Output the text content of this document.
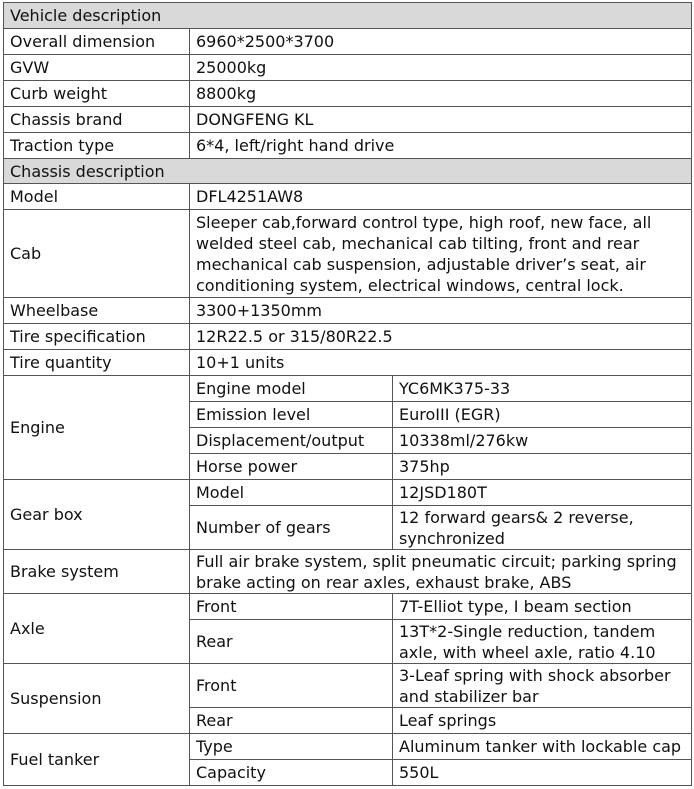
Vehicle description		
Overall dimension	6960*2500*3700	
GVW	25000kg	
Curb weight	8800kg	
Chassis brand	DONGFENG KL	
Traction type	6*4, left/right hand drive	
Chassis description		
Model	DFL4251AW8	
Cab	Sleeper cab,forward control type, high roof, new face, all welded steel cab, mechanical cab tilting, front and rear mechanical cab suspension, adjustable driver’s seat, air conditioning system, electrical windows, central lock.	
Wheelbase	3300+1350mm	
Tire specification	12R22.5 or 315/80R22.5	
Tire quantity	10+1 units	
Engine	Engine model	YC6MK375-33
	Emission level	EuroIII (EGR)
	Displacement/output	10338ml/276kw
	Horse power	375hp
Gear box	Model	12JSD180T
	Number of gears	12 forward gears& 2 reverse, synchronized
Brake system	Full air brake system, split pneumatic circuit; parking spring brake acting on rear axles, exhaust brake, ABS	
Axle	Front	7T-Elliot type, I beam section
	Rear	13T*2-Single reduction, tandem axle, with wheel axle, ratio 4.10
Suspension	Front	3-Leaf spring with shock absorber and stabilizer bar
	Rear	Leaf springs
Fuel tanker	Type	Aluminum tanker with lockable cap
	Capacity	550L
